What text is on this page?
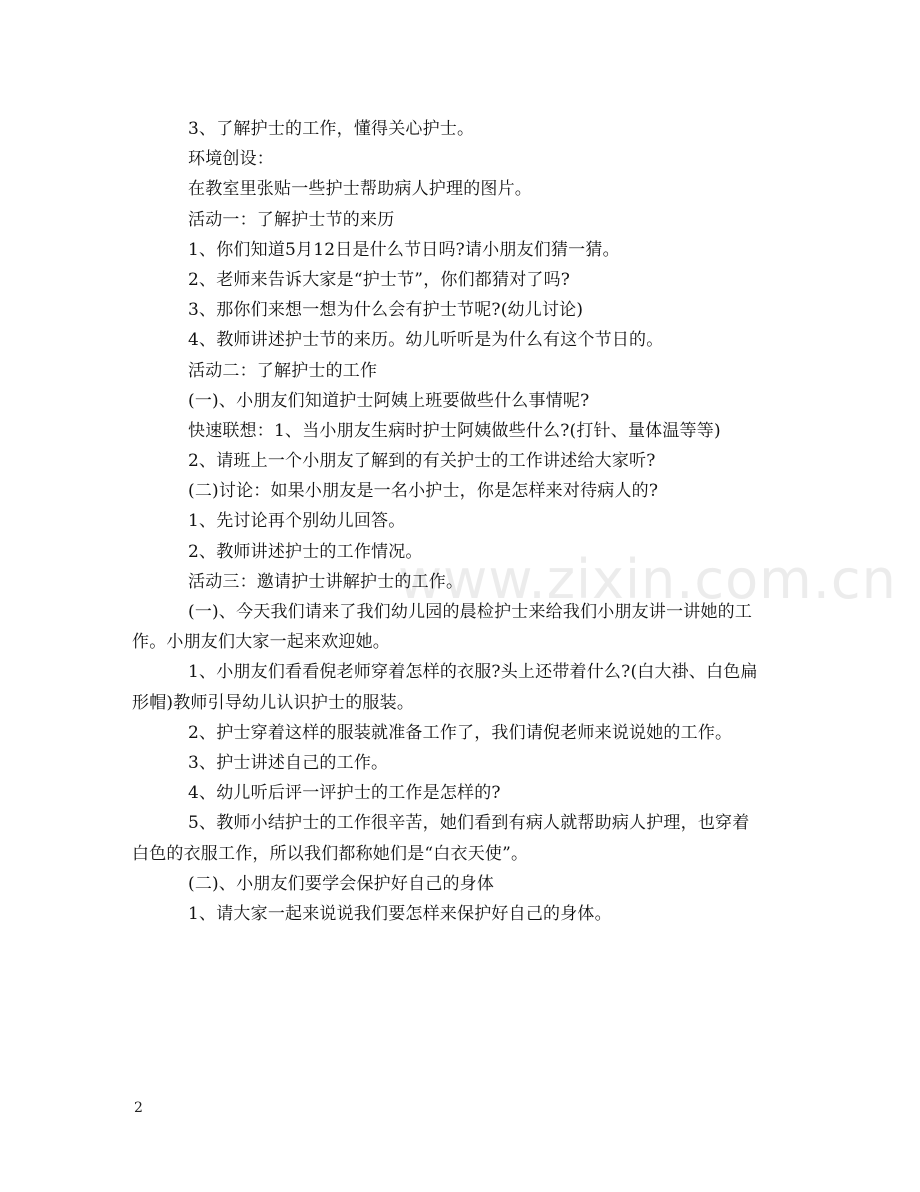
www.zixin.com.cn
3、了解护士的工作，懂得关心护士。
环境创设：
在教室里张贴一些护士帮助病人护理的图片。
活动一：了解护士节的来历
1、你们知道5月12日是什么节日吗?请小朋友们猜一猜。
2、老师来告诉大家是“护士节”，你们都猜对了吗?
3、那你们来想一想为什么会有护士节呢?(幼儿讨论)
4、教师讲述护士节的来历。幼儿听听是为什么有这个节日的。
活动二：了解护士的工作
(一)、小朋友们知道护士阿姨上班要做些什么事情呢?
快速联想：1、当小朋友生病时护士阿姨做些什么?(打针、量体温等等)
2、请班上一个小朋友了解到的有关护士的工作讲述给大家听?
(二)讨论：如果小朋友是一名小护士，你是怎样来对待病人的?
1、先讨论再个别幼儿回答。
2、教师讲述护士的工作情况。
活动三：邀请护士讲解护士的工作。
(一)、今天我们请来了我们幼儿园的晨检护士来给我们小朋友讲一讲她的工
作。小朋友们大家一起来欢迎她。
1、小朋友们看看倪老师穿着怎样的衣服?头上还带着什么?(白大褂、白色扁
形帽)教师引导幼儿认识护士的服装。
2、护士穿着这样的服装就准备工作了，我们请倪老师来说说她的工作。
3、护士讲述自己的工作。
4、幼儿听后评一评护士的工作是怎样的?
5、教师小结护士的工作很辛苦，她们看到有病人就帮助病人护理，也穿着
白色的衣服工作，所以我们都称她们是“白衣天使”。
(二)、小朋友们要学会保护好自己的身体
1、请大家一起来说说我们要怎样来保护好自己的身体。
2
